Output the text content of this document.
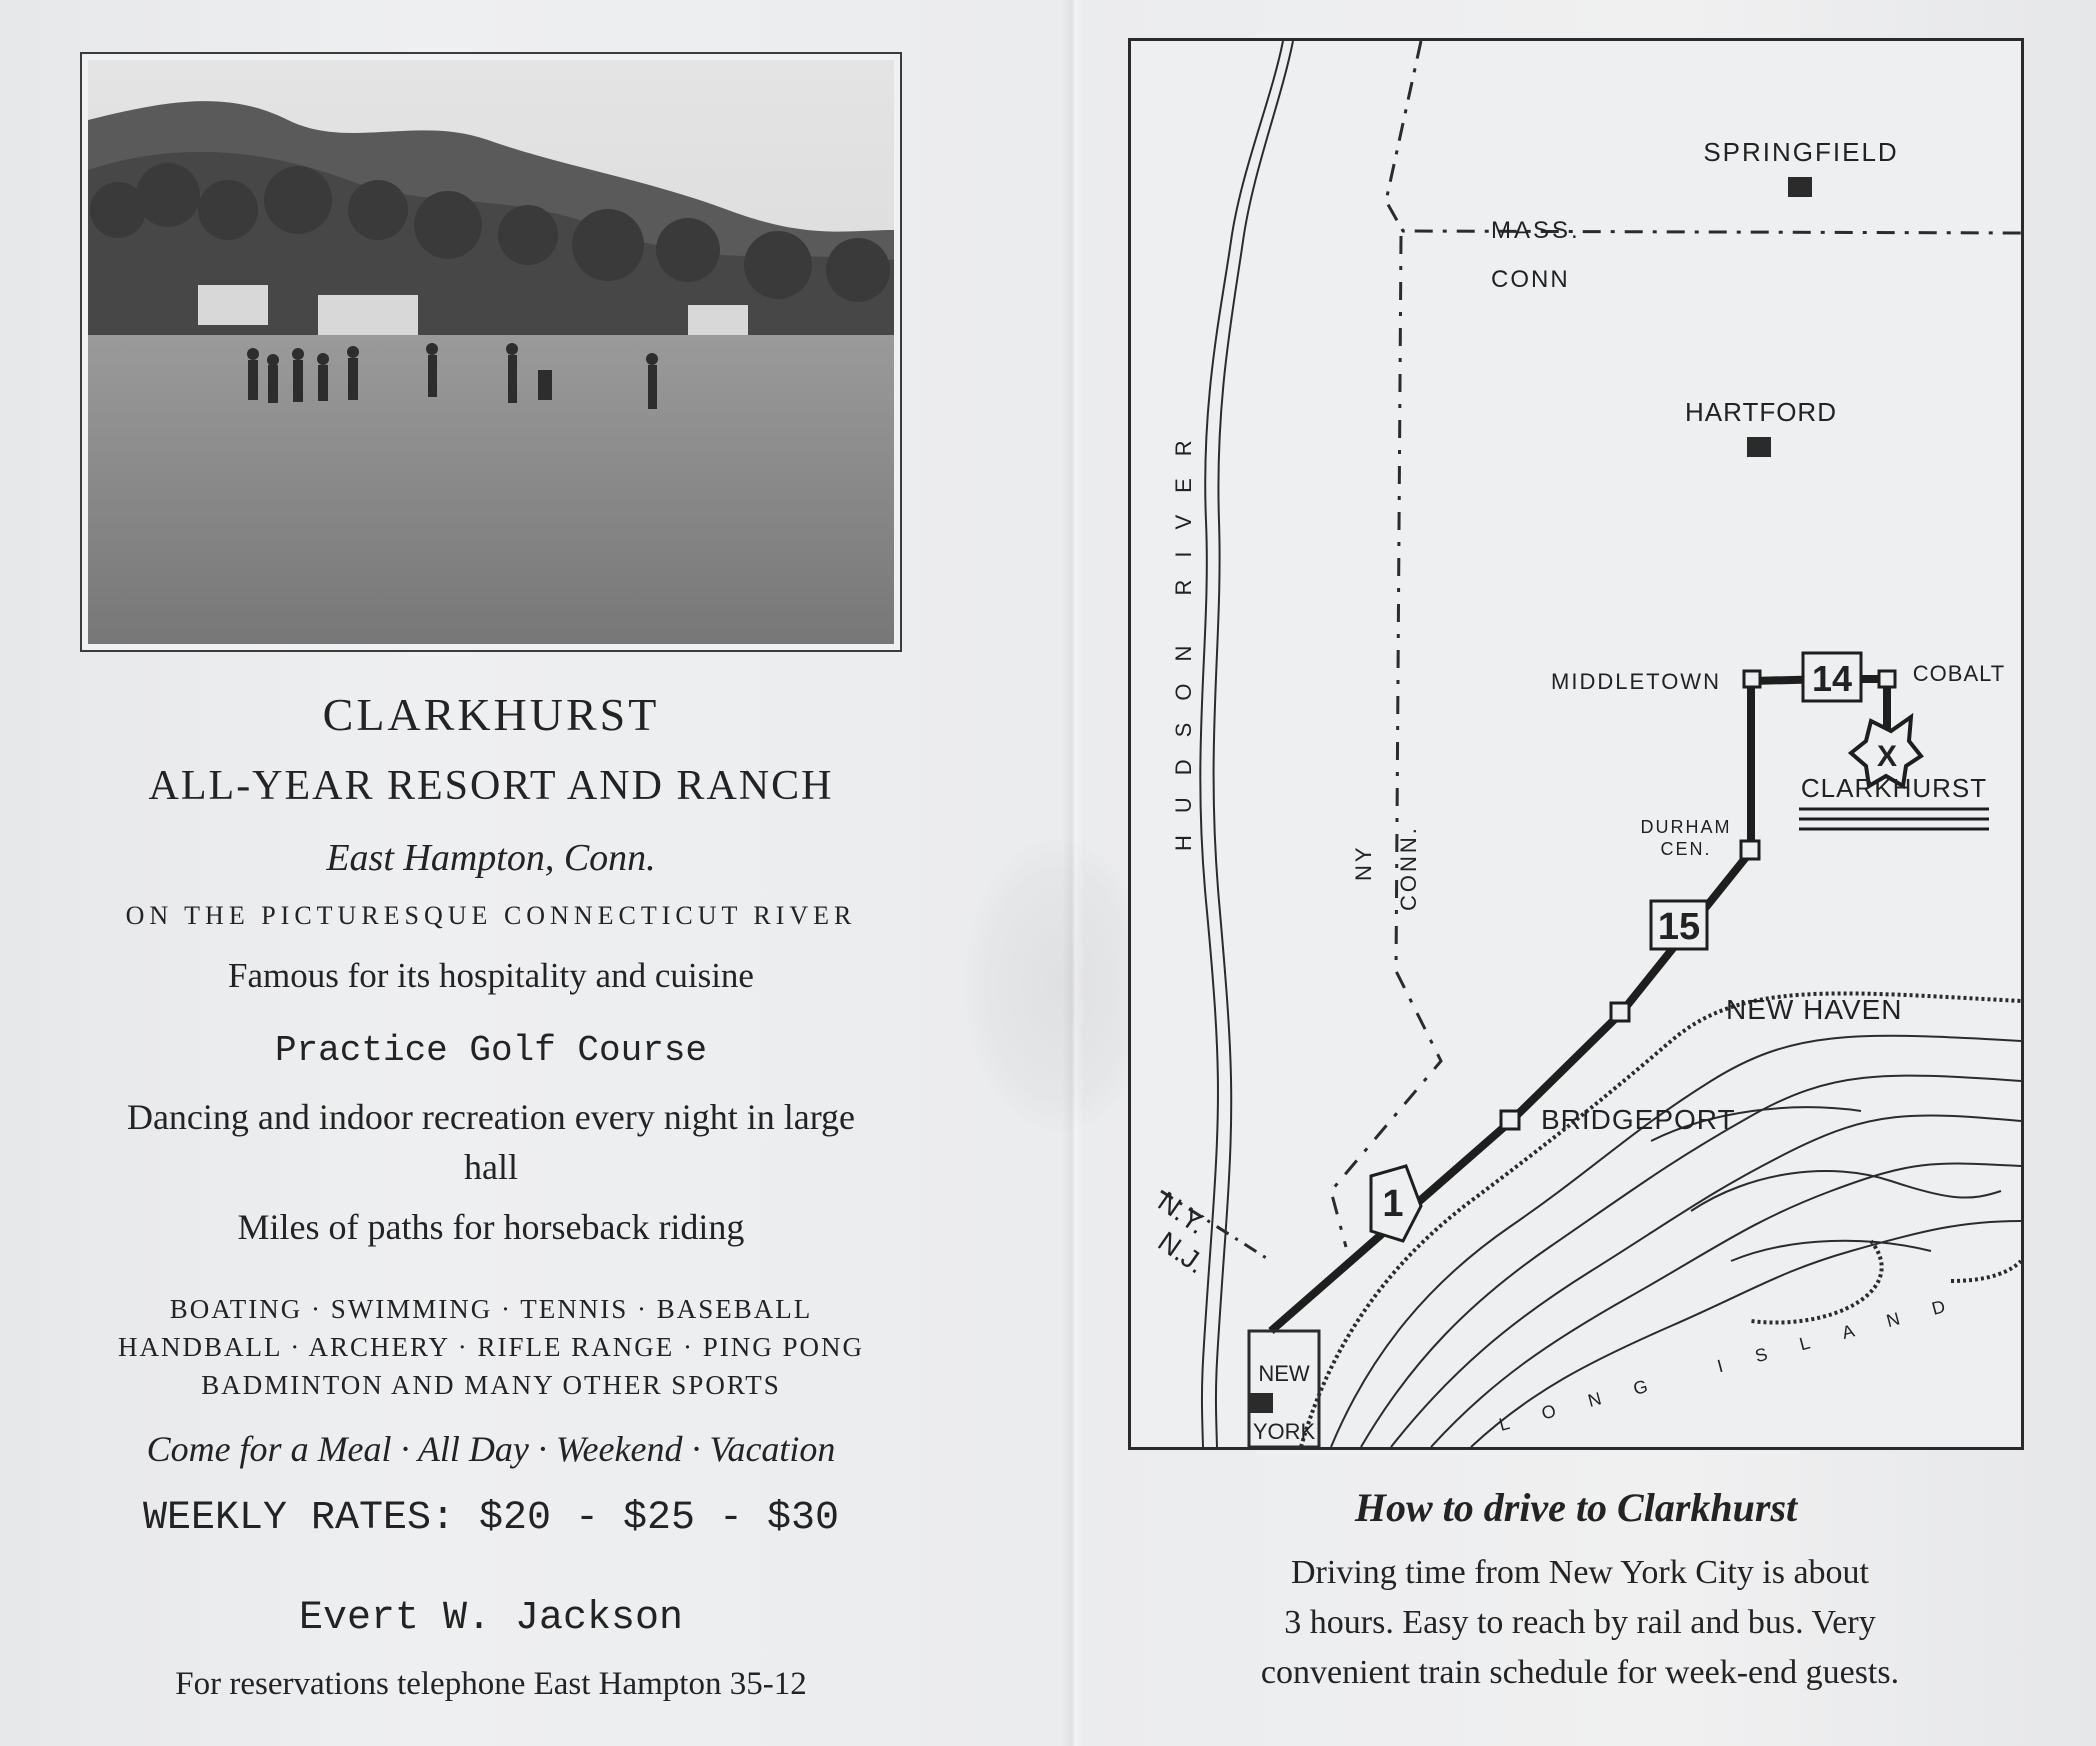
CLARKHURST
ALL-YEAR RESORT AND RANCH
East Hampton, Conn.
ON THE PICTURESQUE CONNECTICUT RIVER
Famous for its hospitality and cuisine
Practice Golf Course
Dancing and indoor recreation every night in large hall
Miles of paths for horseback riding
BOATING · SWIMMING · TENNIS · BASEBALL
HANDBALL · ARCHERY · RIFLE RANGE · PING PONG
BADMINTON AND MANY OTHER SPORTS
Come for a Meal · All Day · Weekend · Vacation
WEEKLY RATES: $20 - $25 - $30
Evert W. Jackson
For reservations telephone East Hampton 35-12
1
15
14
X
SPRINGFIELD
HARTFORD
MIDDLETOWN	COBALT
CLARKHURST
DURHAM
CEN.
NEW HAVEN
BRIDGEPORT
NEW
YORK
MASS.
CONN
NY CONN.
N.Y.
N.J.
HUDSON RIVER
LONG ISLAND
How to drive to Clarkhurst
Driving time from New York City is about
3 hours. Easy to reach by rail and bus. Very
convenient train schedule for week-end guests.
